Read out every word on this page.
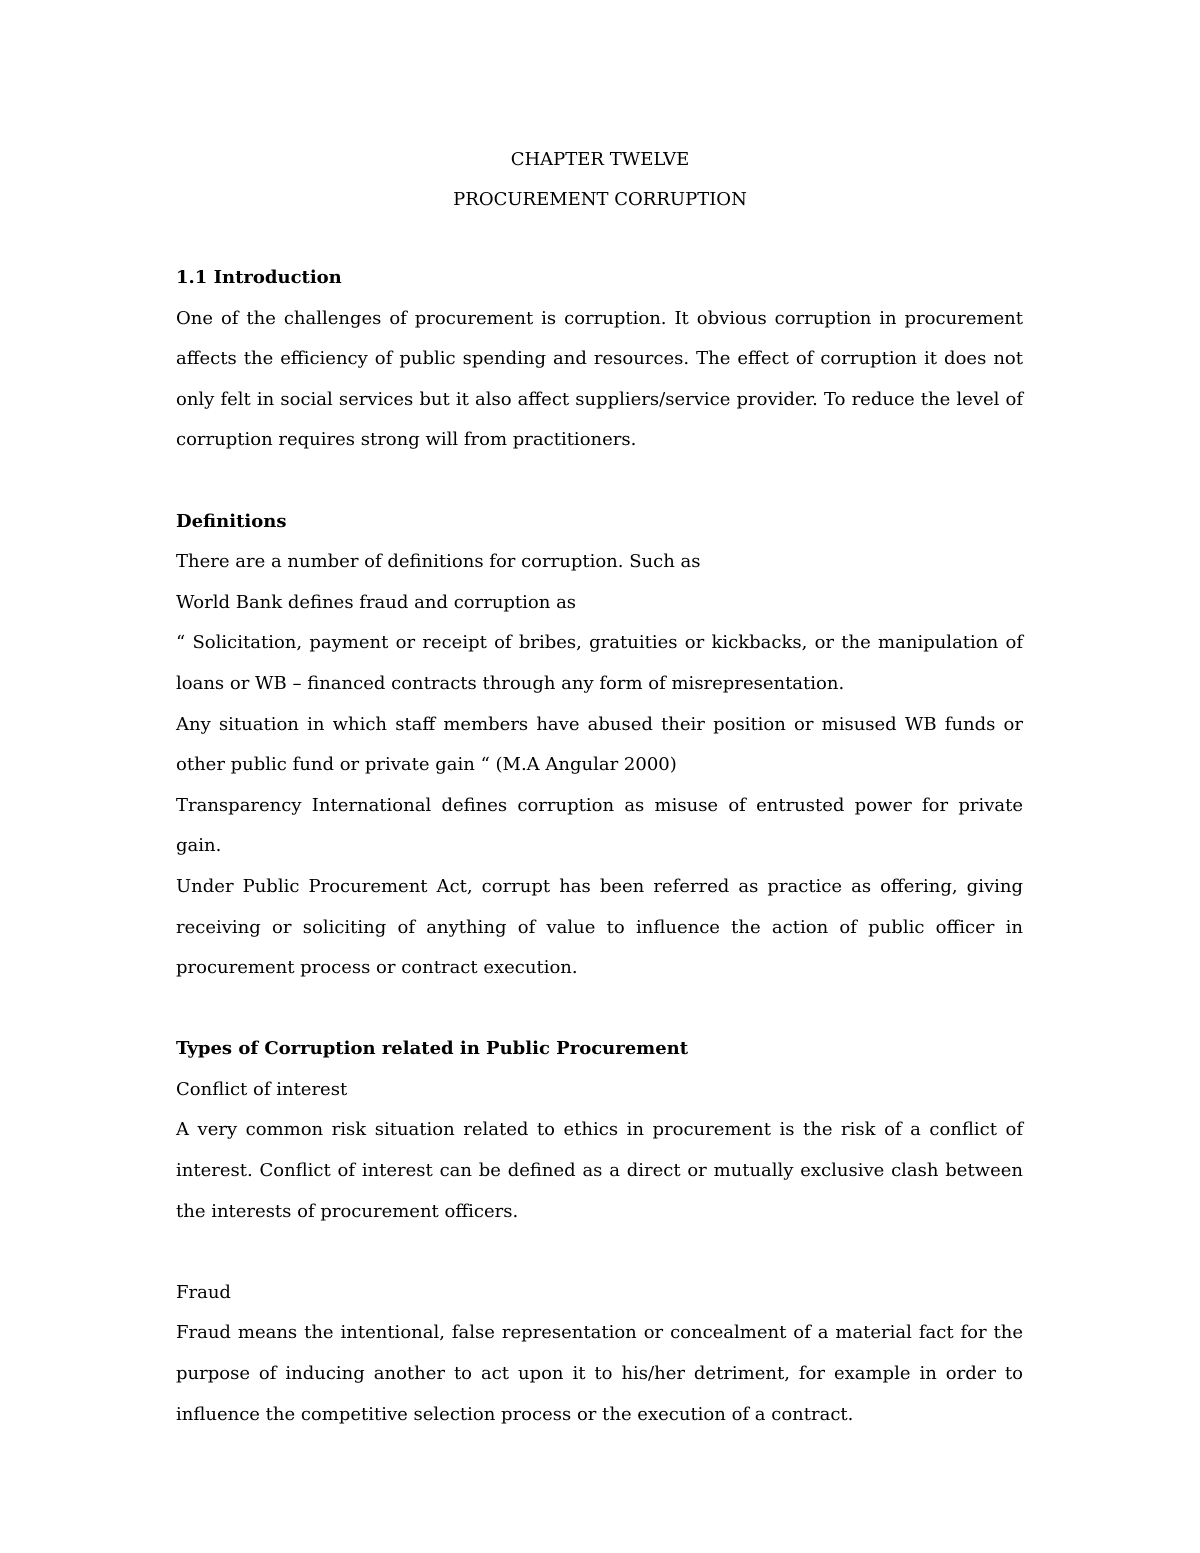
CHAPTER TWELVE
PROCUREMENT CORRUPTION

1.1 Introduction

One of the challenges of procurement is corruption. It obvious corruption in procurement affects the efficiency of public spending and resources. The effect of corruption it does not only felt in social services but it also affect suppliers/service provider. To reduce the level of corruption requires strong will from practitioners.

Definitions

There are a number of definitions for corruption. Such as

World Bank defines fraud and corruption as

“ Solicitation, payment or receipt of bribes, gratuities or kickbacks, or the manipulation of loans or WB – financed contracts through any form of misrepresentation.

Any situation in which staff members have abused their position or misused WB funds or other public fund or private gain “ (M.A Angular 2000)

Transparency International defines corruption as misuse of entrusted power for private gain.

Under Public Procurement Act, corrupt has been referred as practice as offering, giving receiving or soliciting of anything of value to influence the action of public officer in procurement process or contract execution.

Types of Corruption related in Public Procurement

Conflict of interest

A very common risk situation related to ethics in procurement is the risk of a conflict of interest. Conflict of interest can be defined as a direct or mutually exclusive clash between the interests of procurement officers.

Fraud

Fraud means the intentional, false representation or concealment of a material fact for the purpose of inducing another to act upon it to his/her detriment, for example in order to influence the competitive selection process or the execution of a contract.
